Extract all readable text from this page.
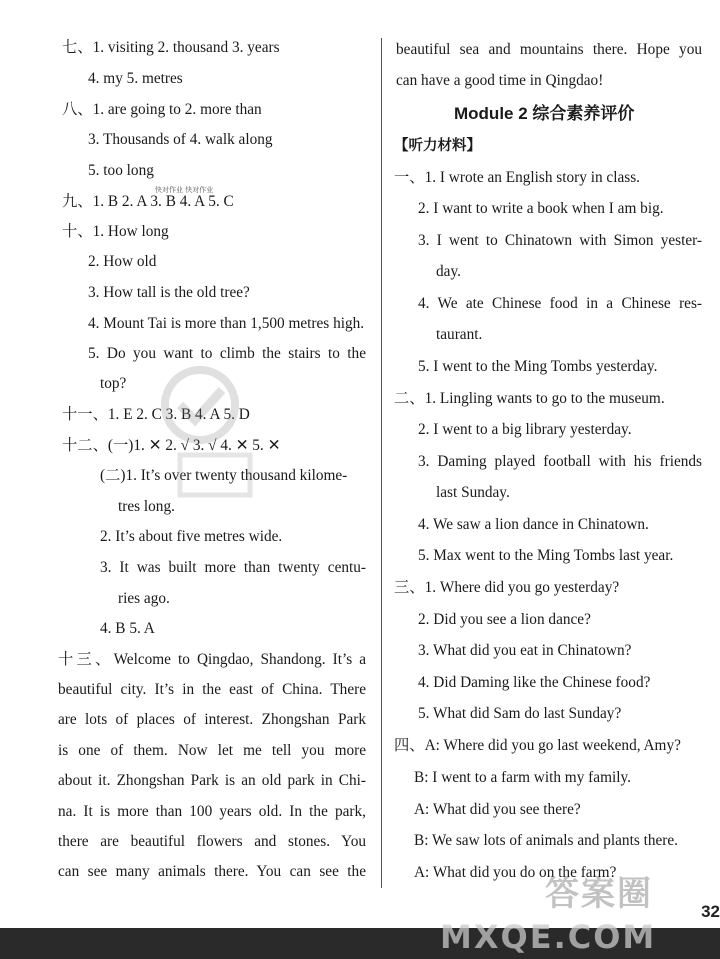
七、1. visiting 2. thousand 3. years
4. my 5. metres
八、1. are going to 2. more than
3. Thousands of 4. walk along
5. too long
九、1. B 2. A 3. B 4. A 5. C
十、1. How long
2. How old
3. How tall is the old tree?
4. Mount Tai is more than 1,500 metres high.
5. Do you want to climb the stairs to the
top?
十一、1. E 2. C 3. B 4. A 5. D
十二、(一)1. ✕ 2. √ 3. √ 4. ✕ 5. ✕
(二)1. It’s over twenty thousand kilome-
tres long.
2. It’s about five metres wide.
3. It was built more than twenty centu-
ries ago.
4. B 5. A
十三、Welcome to Qingdao, Shandong. It’s a
beautiful city. It’s in the east of China. There
are lots of places of interest. Zhongshan Park
is one of them. Now let me tell you more
about it. Zhongshan Park is an old park in Chi-
na. It is more than 100 years old. In the park,
there are beautiful flowers and stones. You
can see many animals there. You can see the
快对作业 快对作业
beautiful sea and mountains there. Hope you
can have a good time in Qingdao!
Module 2 综合素养评价
【听力材料】
一、1. I wrote an English story in class.
2. I want to write a book when I am big.
3. I went to Chinatown with Simon yester-
day.
4. We ate Chinese food in a Chinese res-
taurant.
5. I went to the Ming Tombs yesterday.
二、1. Lingling wants to go to the museum.
2. I went to a big library yesterday.
3. Daming played football with his friends
last Sunday.
4. We saw a lion dance in Chinatown.
5. Max went to the Ming Tombs last year.
三、1. Where did you go yesterday?
2. Did you see a lion dance?
3. What did you eat in Chinatown?
4. Did Daming like the Chinese food?
5. What did Sam do last Sunday?
四、A: Where did you go last weekend, Amy?
B: I went to a farm with my family.
A: What did you see there?
B: We saw lots of animals and plants there.
A: What did you do on the farm?
答案圈	32
MXQE.COM
